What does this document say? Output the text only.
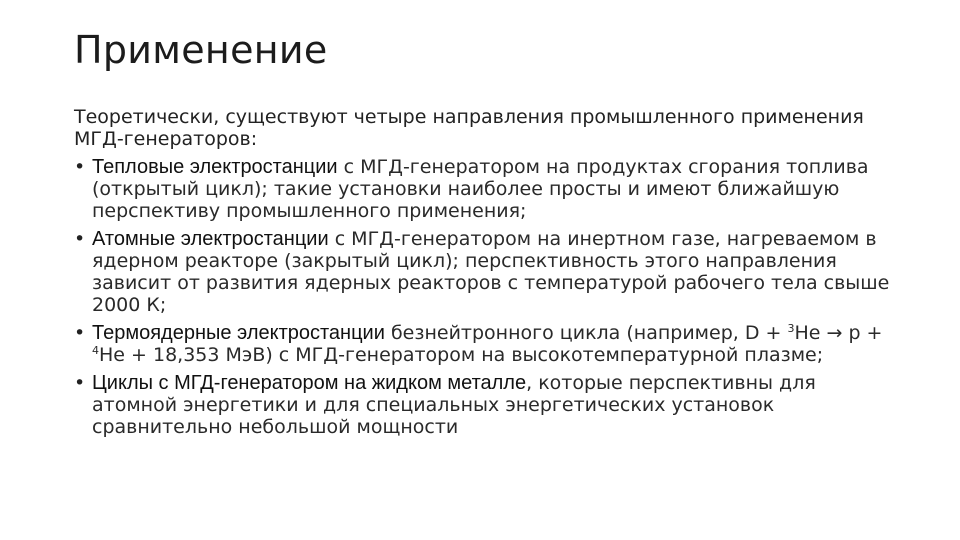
Применение

Теоретически, существуют четыре направления промышленного применения МГД-генераторов:

• Тепловые электростанции с МГД-генератором на продуктах сгорания топлива (открытый цикл); такие установки наиболее просты и имеют ближайшую перспективу промышленного применения;
• Атомные электростанции с МГД-генератором на инертном газе, нагреваемом в ядерном реакторе (закрытый цикл); перспективность этого направления зависит от развития ядерных реакторов с температурой рабочего тела свыше 2000 К;
• Термоядерные электростанции безнейтронного цикла (например, D + $^3$He → p + $^4$He + 18,353 МэВ) с МГД-генератором на высокотемпературной плазме;
• Циклы с МГД-генератором на жидком металле, которые перспективны для атомной энергетики и для специальных энергетических установок сравнительно небольшой мощности
